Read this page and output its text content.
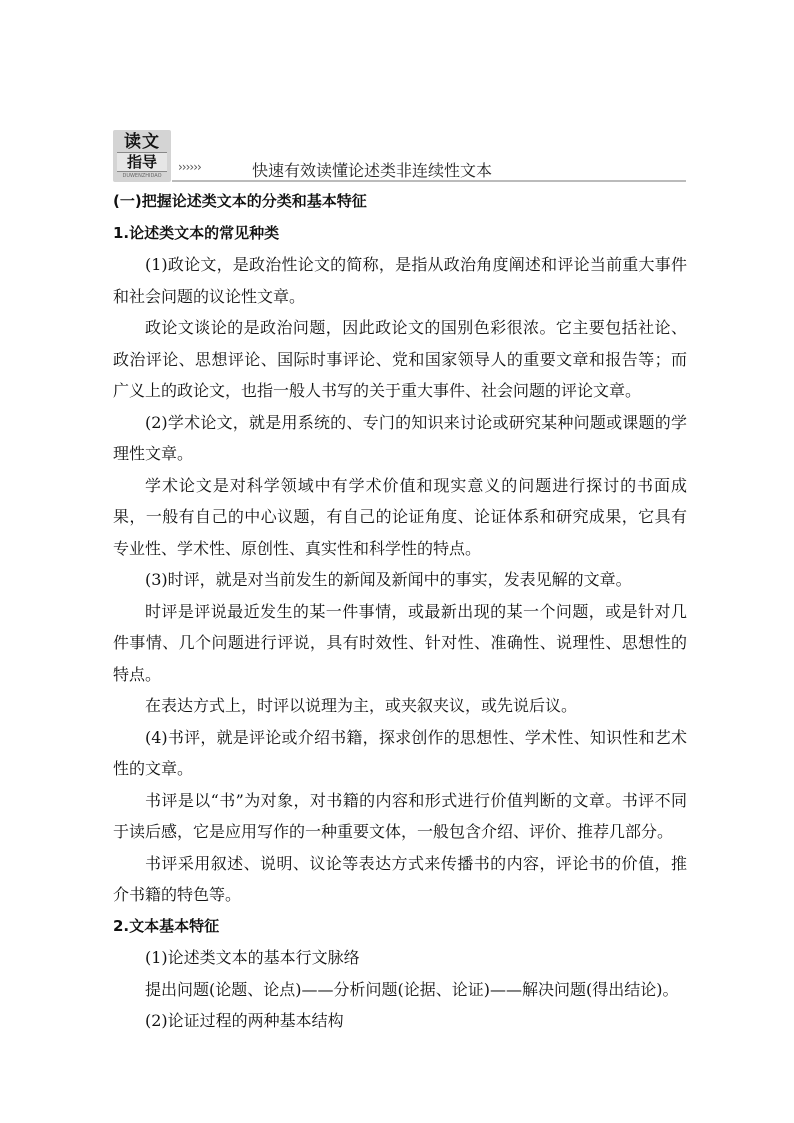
读文
指导
DUWENZHIDAO
››››››	快速有效读懂论述类非连续性文本

(一)把握论述类文本的分类和基本特征

1.论述类文本的常见种类

(1)政论文，是政治性论文的简称，是指从政治角度阐述和评论当前重大事件和社会问题的议论性文章。

政论文谈论的是政治问题，因此政论文的国别色彩很浓。它主要包括社论、政治评论、思想评论、国际时事评论、党和国家领导人的重要文章和报告等；而广义上的政论文，也指一般人书写的关于重大事件、社会问题的评论文章。

(2)学术论文，就是用系统的、专门的知识来讨论或研究某种问题或课题的学理性文章。

学术论文是对科学领域中有学术价值和现实意义的问题进行探讨的书面成果，一般有自己的中心议题，有自己的论证角度、论证体系和研究成果，它具有专业性、学术性、原创性、真实性和科学性的特点。

(3)时评，就是对当前发生的新闻及新闻中的事实，发表见解的文章。

时评是评说最近发生的某一件事情，或最新出现的某一个问题，或是针对几件事情、几个问题进行评说，具有时效性、针对性、准确性、说理性、思想性的特点。

在表达方式上，时评以说理为主，或夹叙夹议，或先说后议。

(4)书评，就是评论或介绍书籍，探求创作的思想性、学术性、知识性和艺术性的文章。

书评是以“书”为对象，对书籍的内容和形式进行价值判断的文章。书评不同于读后感，它是应用写作的一种重要文体，一般包含介绍、评价、推荐几部分。

书评采用叙述、说明、议论等表达方式来传播书的内容，评论书的价值，推介书籍的特色等。

2.文本基本特征

(1)论述类文本的基本行文脉络

提出问题(论题、论点)——分析问题(论据、论证)——解决问题(得出结论)。

(2)论证过程的两种基本结构
